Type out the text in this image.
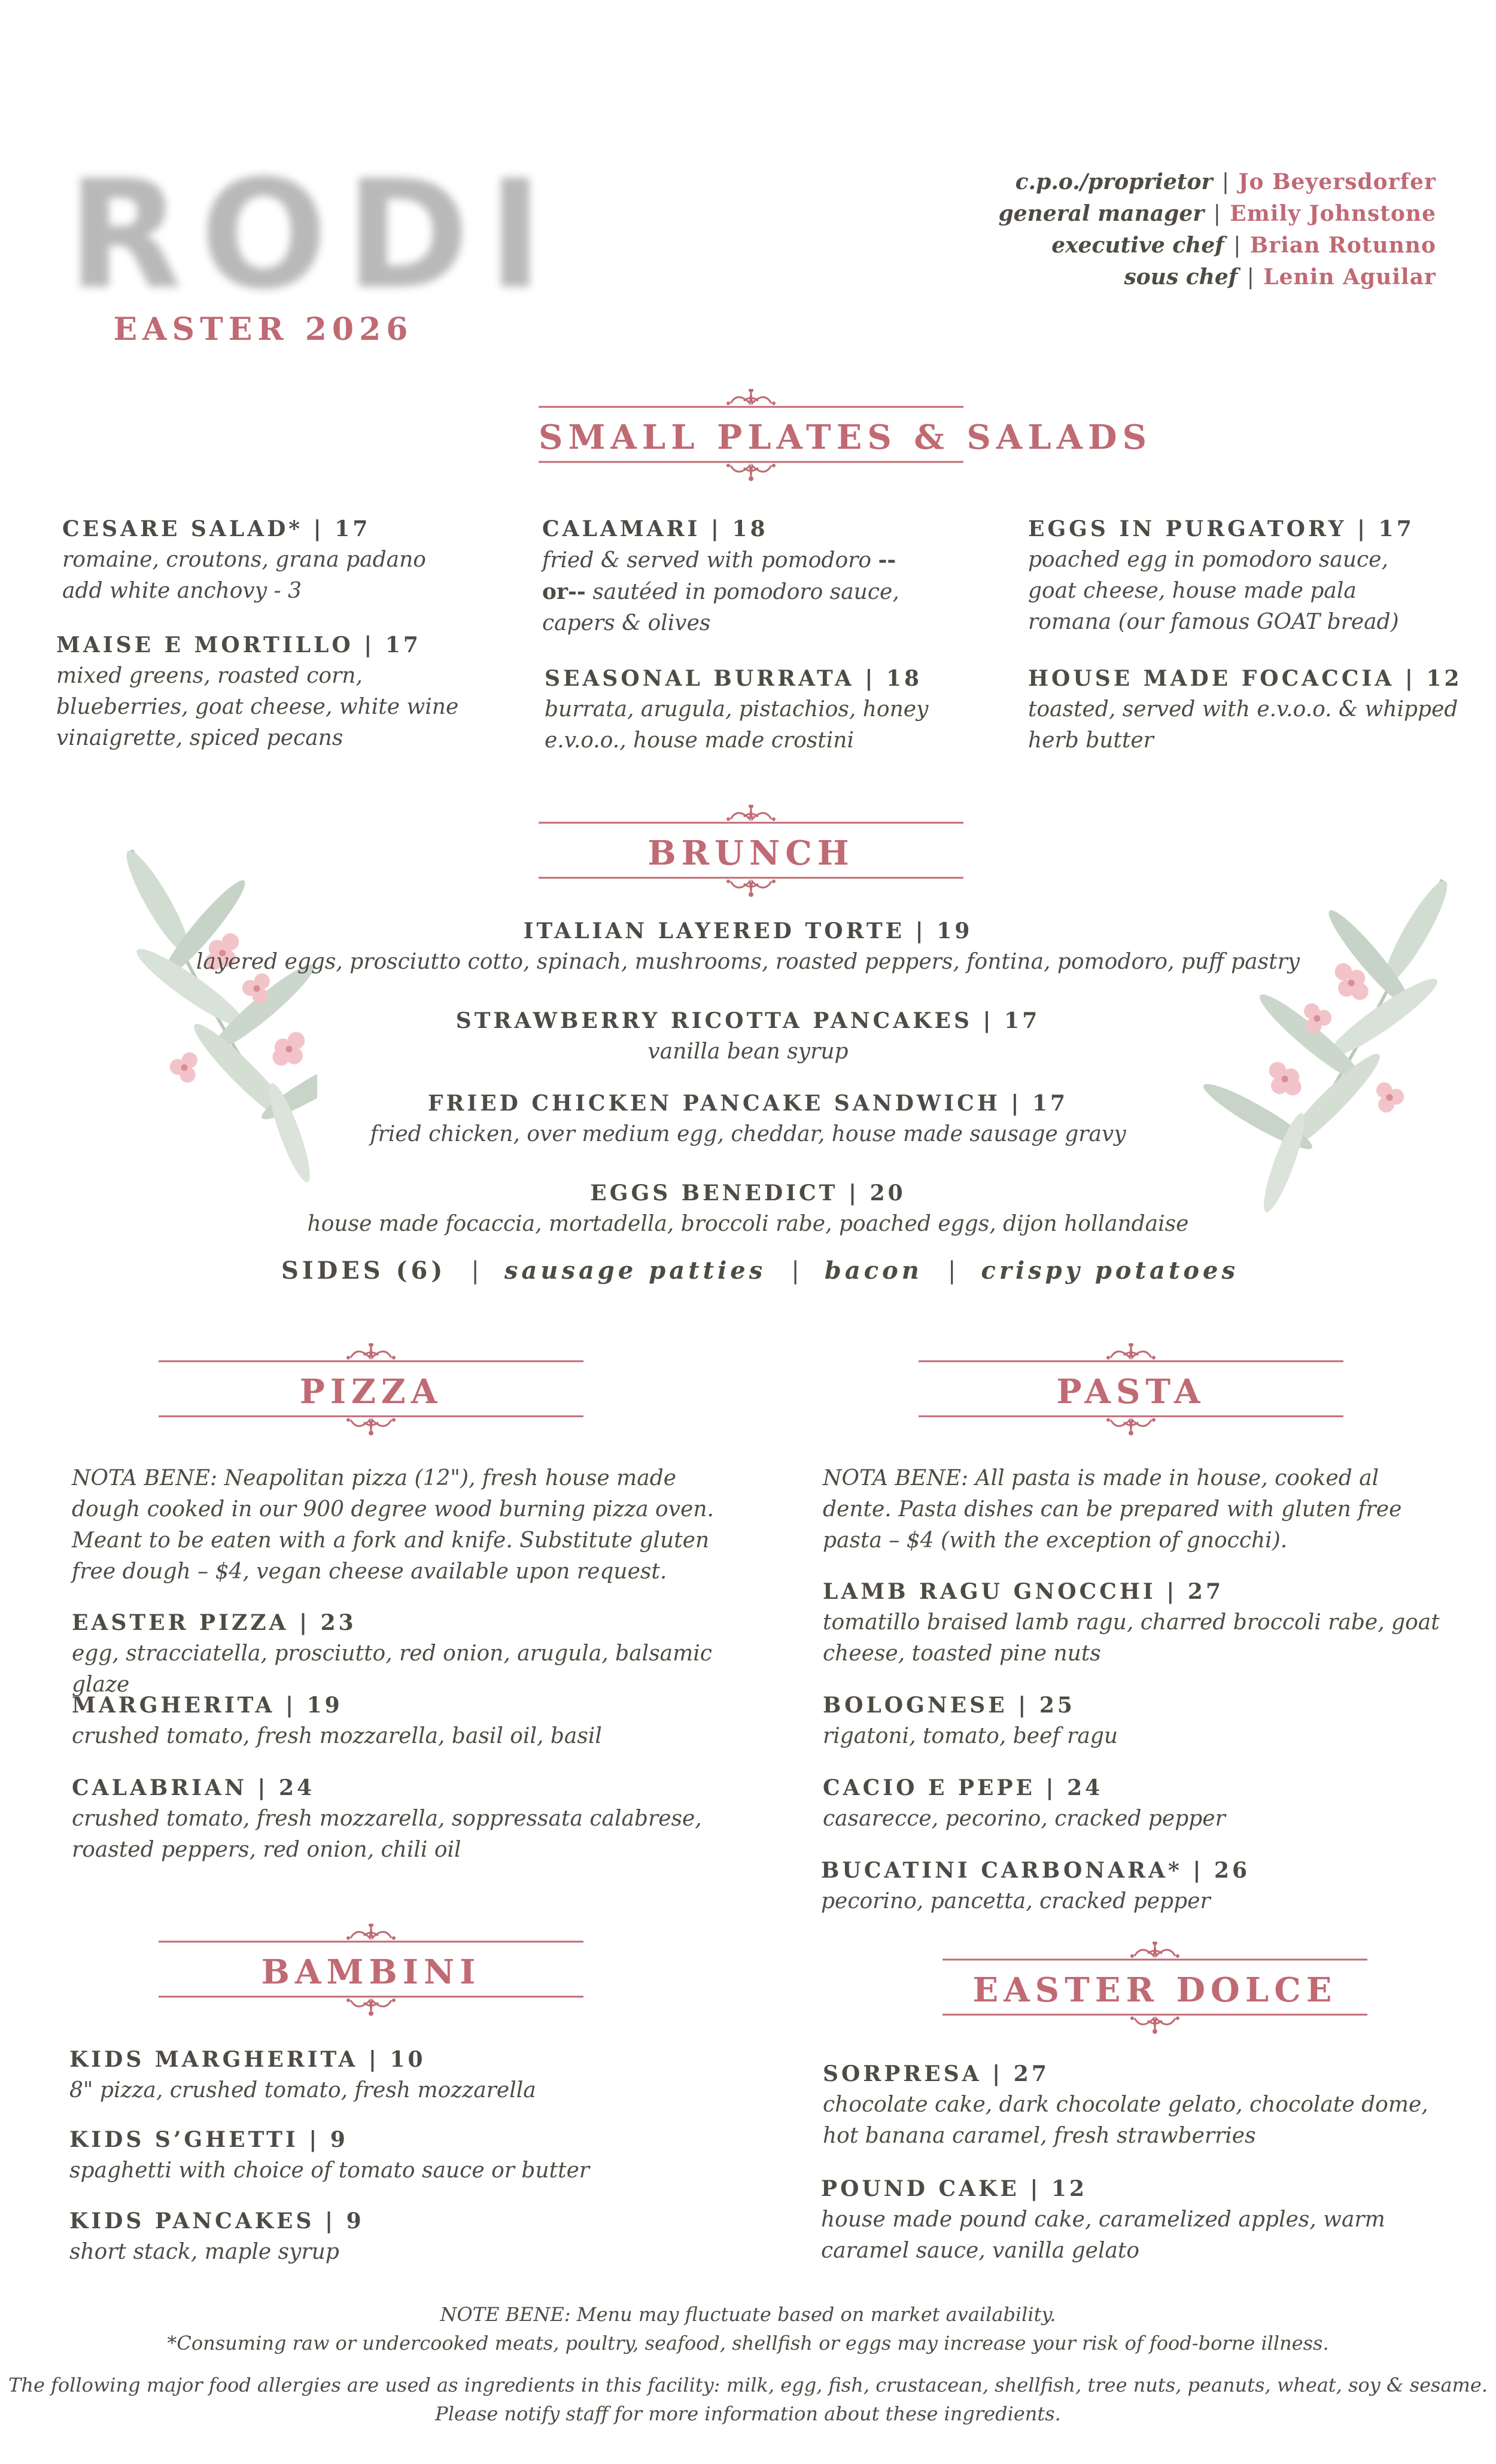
RODI
EASTER 2026
c.p.o./proprietor | Jo Beyersdorfer
general manager | Emily Johnstone
executive chef | Brian Rotunno
sous chef | Lenin Aguilar
SMALL PLATES & SALADS
CESARE SALAD* | 17
romaine, croutons, grana padano
add white anchovy - 3
MAISE E MORTILLO | 17
mixed greens, roasted corn, blueberries, goat cheese, white wine vinaigrette, spiced pecans
CALAMARI | 18
fried & served with pomodoro --or-- sautéed in pomodoro sauce, capers & olives
SEASONAL BURRATA | 18
burrata, arugula, pistachios, honey e.v.o.o., house made crostini
EGGS IN PURGATORY | 17
poached egg in pomodoro sauce, goat cheese, house made pala romana (our famous GOAT bread)
HOUSE MADE FOCACCIA | 12
toasted, served with e.v.o.o. & whipped herb butter
BRUNCH
ITALIAN LAYERED TORTE | 19
layered eggs, prosciutto cotto, spinach, mushrooms, roasted peppers, fontina, pomodoro, puff pastry
STRAWBERRY RICOTTA PANCAKES | 17
vanilla bean syrup
FRIED CHICKEN PANCAKE SANDWICH | 17
fried chicken, over medium egg, cheddar, house made sausage gravy
EGGS BENEDICT | 20
house made focaccia, mortadella, broccoli rabe, poached eggs, dijon hollandaise
SIDES (6) | sausage patties | bacon | crispy potatoes
PIZZA
NOTA BENE: Neapolitan pizza (12"), fresh house made dough cooked in our 900 degree wood burning pizza oven. Meant to be eaten with a fork and knife. Substitute gluten free dough – $4, vegan cheese available upon request.
EASTER PIZZA | 23
egg, stracciatella, prosciutto, red onion, arugula, balsamic glaze
MARGHERITA | 19
crushed tomato, fresh mozzarella, basil oil, basil
CALABRIAN | 24
crushed tomato, fresh mozzarella, soppressata calabrese, roasted peppers, red onion, chili oil
PASTA
NOTA BENE: All pasta is made in house, cooked al dente. Pasta dishes can be prepared with gluten free pasta – $4 (with the exception of gnocchi).
LAMB RAGU GNOCCHI | 27
tomatillo braised lamb ragu, charred broccoli rabe, goat cheese, toasted pine nuts
BOLOGNESE | 25
rigatoni, tomato, beef ragu
CACIO E PEPE | 24
casarecce, pecorino, cracked pepper
BUCATINI CARBONARA* | 26
pecorino, pancetta, cracked pepper
BAMBINI
KIDS MARGHERITA | 10
8" pizza, crushed tomato, fresh mozzarella
KIDS S’GHETTI | 9
spaghetti with choice of tomato sauce or butter
KIDS PANCAKES | 9
short stack, maple syrup
EASTER DOLCE
SORPRESA | 27
chocolate cake, dark chocolate gelato, chocolate dome, hot banana caramel, fresh strawberries
POUND CAKE | 12
house made pound cake, caramelized apples, warm caramel sauce, vanilla gelato
NOTE BENE: Menu may fluctuate based on market availability.
*Consuming raw or undercooked meats, poultry, seafood, shellfish or eggs may increase your risk of food-borne illness.
The following major food allergies are used as ingredients in this facility: milk, egg, fish, crustacean, shellfish, tree nuts, peanuts, wheat, soy & sesame.
Please notify staff for more information about these ingredients.
